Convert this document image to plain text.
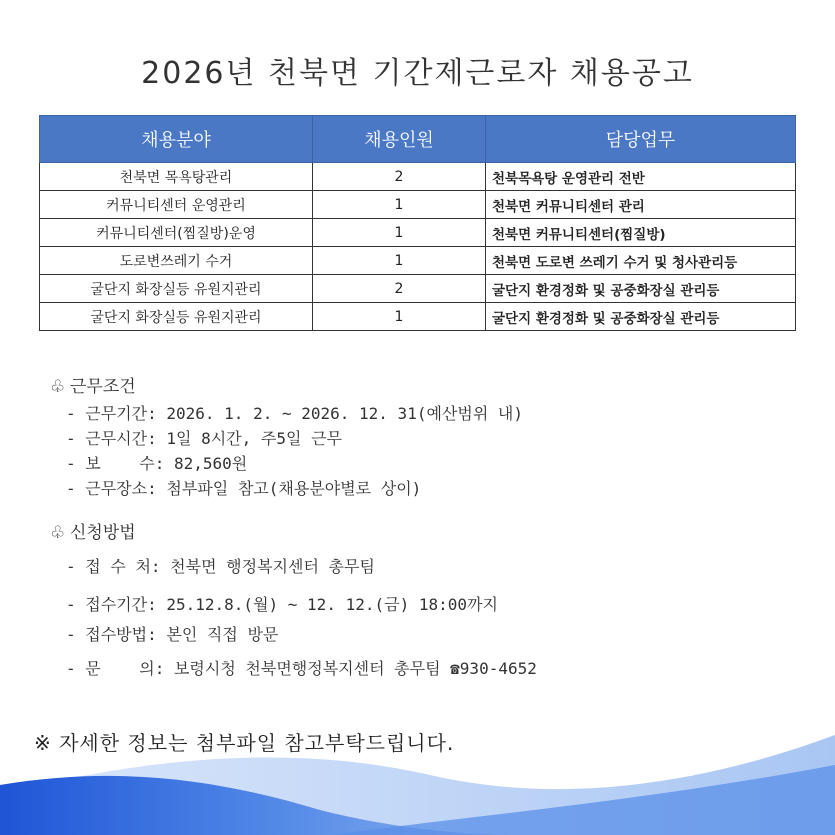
2026년 천북면 기간제근로자 채용공고
채용분야	채용인원	담당업무
천북면 목욕탕관리	2	천북목욕탕 운영관리 전반
커뮤니티센터 운영관리	1	천북면 커뮤니티센터 관리
커뮤니티센터(찜질방)운영	1	천북면 커뮤니티센터(찜질방)
도로변쓰레기 수거	1	천북면 도로변 쓰레기 수거 및 청사관리등
굴단지 화장실등 유원지관리	2	굴단지 환경정화 및 공중화장실 관리등
굴단지 화장실등 유원지관리	1	굴단지 환경정화 및 공중화장실 관리등
♧ 근무조건
- 근무기간: 2026. 1. 2. ~ 2026. 12. 31(예산범위 내)
- 근무시간: 1일 8시간, 주5일 근무
- 보    수: 82,560원
- 근무장소: 첨부파일 참고(채용분야별로 상이)
♧ 신청방법
- 접 수 처: 천북면 행정복지센터 총무팀
- 접수기간: 25.12.8.(월) ~ 12. 12.(금) 18:00까지
- 접수방법: 본인 직접 방문
- 문    의: 보령시청 천북면행정복지센터 총무팀 ☎930-4652
※ 자세한 정보는 첨부파일 참고부탁드립니다.
